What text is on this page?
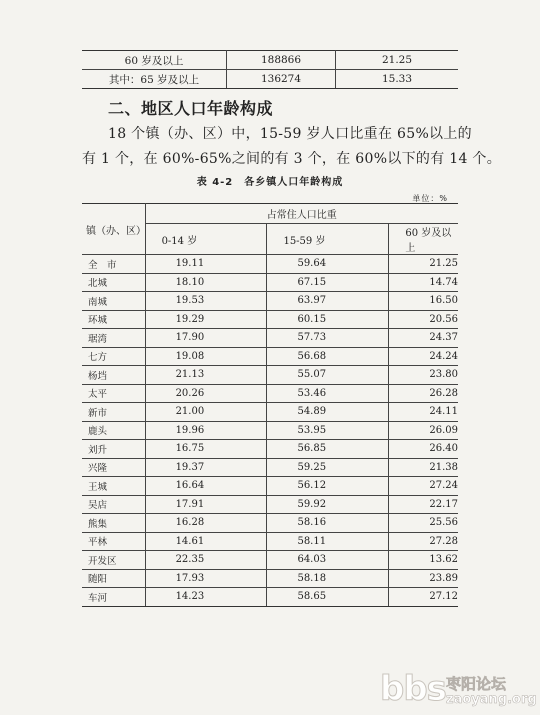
60 岁及以上	188866	21.25
其中：65 岁及以上	136274	15.33
二、地区人口年龄构成
18 个镇（办、区）中，15-59 岁人口比重在 65%以上的
有 1 个，在 60%-65%之间的有 3 个，在 60%以下的有 14 个。
表 4-2　各乡镇人口年龄构成
单位：%
镇（办、区）	占常住人口比重		
	0-14 岁	15-59 岁	60 岁及以上
全　市	19.11	59.64	21.25
北城	18.10	67.15	14.74
南城	19.53	63.97	16.50
环城	19.29	60.15	20.56
琚湾	17.90	57.73	24.37
七方	19.08	56.68	24.24
杨垱	21.13	55.07	23.80
太平	20.26	53.46	26.28
新市	21.00	54.89	24.11
鹿头	19.96	53.95	26.09
刘升	16.75	56.85	26.40
兴隆	19.37	59.25	21.38
王城	16.64	56.12	27.24
吴店	17.91	59.92	22.17
熊集	16.28	58.16	25.56
平林	14.61	58.11	27.28
开发区	22.35	64.03	13.62
随阳	17.93	58.18	23.89
车河	14.23	58.65	27.12
bbs 枣阳论坛
zaoyang.org
